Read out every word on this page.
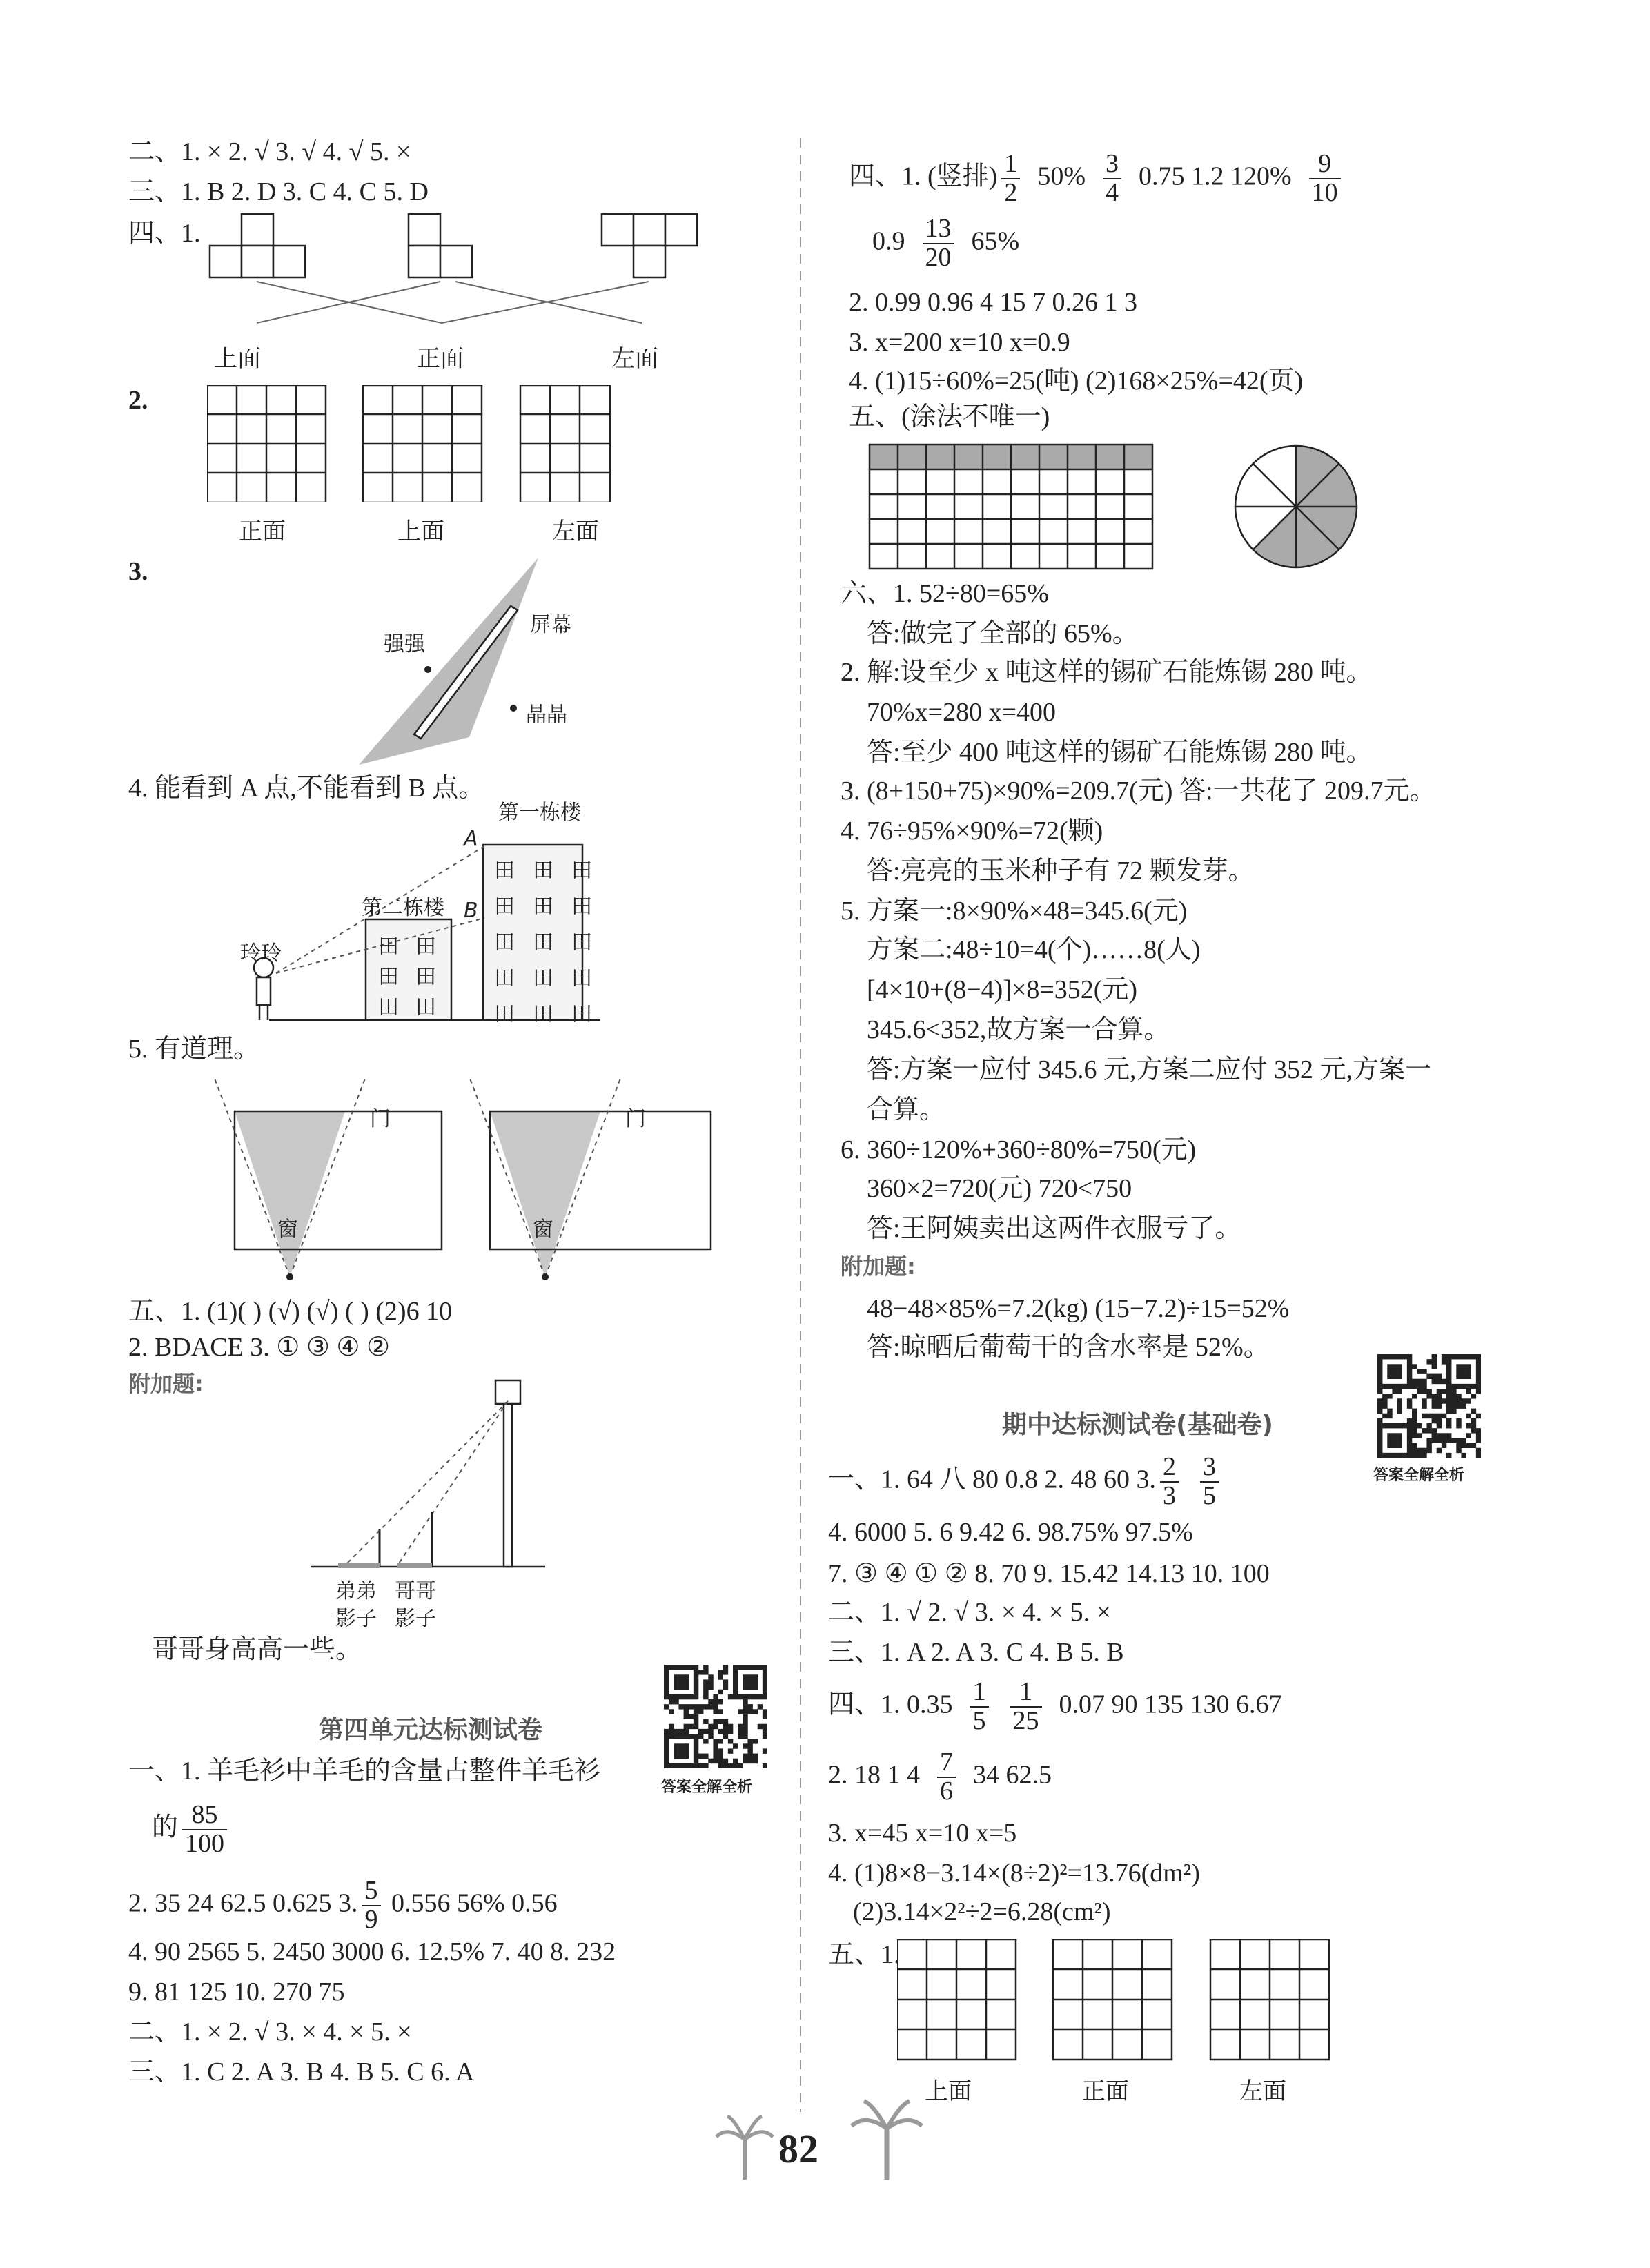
二、1. × 2. √ 3. √ 4. √ 5. ×
三、1. B 2. D 3. C 4. C 5. D
四、1.
上面	正面	左面
2.
正面	上面	左面
3.
屏幕
强强
晶晶
4. 能看到 A 点,不能看到 B 点。
第一栋楼
A
B
第二栋楼
玲玲
田田田
田田田
田田田
田田田
田田田
田田
田田
田田
5. 有道理。
门	门
窗	窗
五、1. (1)( ) (√) (√) ( ) (2)6 10
2. BDACE 3. ① ③ ④ ②
附加题:
弟弟
影子
哥哥
影子
哥哥身高高一些。
第四单元达标测试卷
答案全解全析
一、1. 羊毛衫中羊毛的含量占整件羊毛衫
的 $\frac{85}{100}$
2. 35 24 62.5 0.625 3. $\frac{5}{9} 0.556$ 56% 0.56
4. 90 2565 5. 2450 3000 6. 12.5% 7. 40 8. 232
9. 81 125 10. 270 75
二、1. × 2. √ 3. × 4. × 5. ×
三、1. C 2. A 3. B 4. B 5. C 6. A
四、1. (竖排) $\frac{1}{2} 50\% \frac{3}{4} 0.75$ 1.2 $120\% \frac{9}{10}$
$0.9 \frac{13}{20} 65\%$
2. 0.99 0.96 4 15 7 0.26 1 3
3. x=200 x=10 x=0.9
4. (1)15÷60%=25(吨) (2)168×25%=42(页)
五、(涂法不唯一)
六、1. 52÷80=65%
答:做完了全部的 65%。
2. 解:设至少 x 吨这样的锡矿石能炼锡 280 吨。
70%x=280 x=400
答:至少 400 吨这样的锡矿石能炼锡 280 吨。
3. (8+150+75)×90%=209.7(元) 答:一共花了 209.7元。
4. 76÷95%×90%=72(颗)
答:亮亮的玉米种子有 72 颗发芽。
5. 方案一:8×90%×48=345.6(元)
方案二:48÷10=4(个)……8(人)
[4×10+(8−4)]×8=352(元)
345.6<352,故方案一合算。
答:方案一应付 345.6 元,方案二应付 352 元,方案一
合算。
6. 360÷120%+360÷80%=750(元)
360×2=720(元) 720<750
答:王阿姨卖出这两件衣服亏了。
附加题:
48−48×85%=7.2(kg) (15−7.2)÷15=52%
答:晾晒后葡萄干的含水率是 52%。
期中达标测试卷(基础卷)
答案全解全析
一、1. 64 八 80 0.8 2. 48 60 3. $\frac{2}{3}$
$\frac{3}{5}$
4. 6000 5. 6 9.42 6. 98.75% 97.5%
7. ③ ④ ① ② 8. 70 9. 15.42 14.13 10. 100
二、1. √ 2. √ 3. × 4. × 5. ×
三、1. A 2. A 3. C 4. B 5. B
四、1. $0.35 \frac{1}{5}$
$\frac{1}{25} 0.07$ 90 135 130 6.67
2. 18 1 $4 \frac{7}{6} 34$ 62.5
3. x=45 x=10 x=5
4. (1)8×8−3.14×(8÷2)²=13.76(dm²)
(2)3.14×2²÷2=6.28(cm²)
五、1.
上面	正面	左面
82
